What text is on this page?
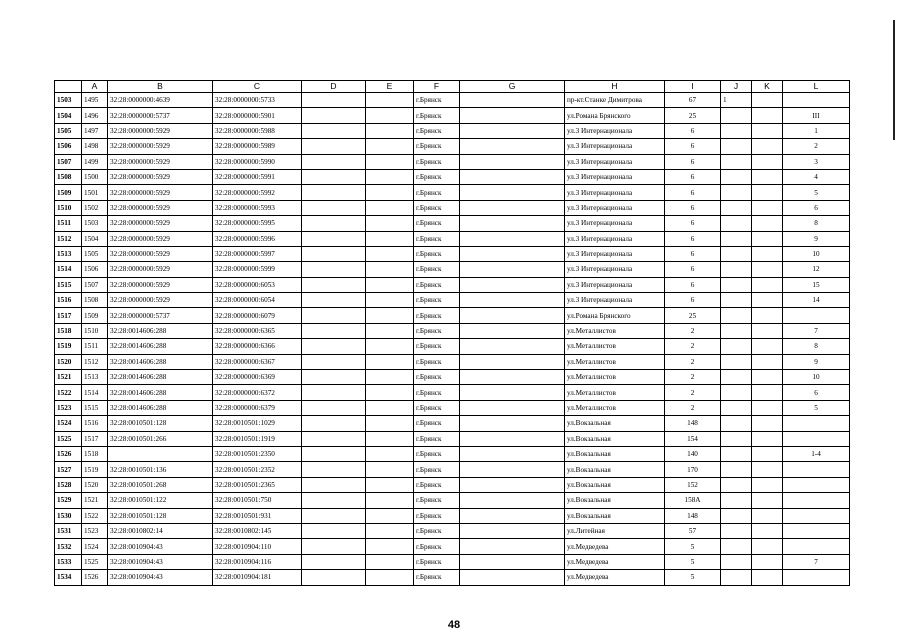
	A	B	C	D	E	F	G	H	I	J	K	L
1503	1495	32:28:0000000:4639	32:28:0000000:5733			г.Брянск		пр-кт.Станке Димитрова	67	1		
1504	1496	32:28:0000000:5737	32:28:0000000:5901			г.Брянск		ул.Романа Брянского	25			III
1505	1497	32:28:0000000:5929	32:28:0000000:5988			г.Брянск		ул.3 Интернационала	6			1
1506	1498	32:28:0000000:5929	32:28:0000000:5989			г.Брянск		ул.3 Интернационала	6			2
1507	1499	32:28:0000000:5929	32:28:0000000:5990			г.Брянск		ул.3 Интернационала	6			3
1508	1500	32:28:0000000:5929	32:28:0000000:5991			г.Брянск		ул.3 Интернационала	6			4
1509	1501	32:28:0000000:5929	32:28:0000000:5992			г.Брянск		ул.3 Интернационала	6			5
1510	1502	32:28:0000000:5929	32:28:0000000:5993			г.Брянск		ул.3 Интернационала	6			6
1511	1503	32:28:0000000:5929	32:28:0000000:5995			г.Брянск		ул.3 Интернационала	6			8
1512	1504	32:28:0000000:5929	32:28:0000000:5996			г.Брянск		ул.3 Интернационала	6			9
1513	1505	32:28:0000000:5929	32:28:0000000:5997			г.Брянск		ул.3 Интернационала	6			10
1514	1506	32:28:0000000:5929	32:28:0000000:5999			г.Брянск		ул.3 Интернационала	6			12
1515	1507	32:28:0000000:5929	32:28:0000000:6053			г.Брянск		ул.3 Интернационала	6			15
1516	1508	32:28:0000000:5929	32:28:0000000:6054			г.Брянск		ул.3 Интернационала	6			14
1517	1509	32:28:0000000:5737	32:28:0000000:6079			г.Брянск		ул.Романа Брянского	25			
1518	1510	32:28:0014606:288	32:28:0000000:6365			г.Брянск		ул.Металлистов	2			7
1519	1511	32:28:0014606:288	32:28:0000000:6366			г.Брянск		ул.Металлистов	2			8
1520	1512	32:28:0014606:288	32:28:0000000:6367			г.Брянск		ул.Металлистов	2			9
1521	1513	32:28:0014606:288	32:28:0000000:6369			г.Брянск		ул.Металлистов	2			10
1522	1514	32:28:0014606:288	32:28:0000000:6372			г.Брянск		ул.Металлистов	2			6
1523	1515	32:28:0014606:288	32:28:0000000:6379			г.Брянск		ул.Металлистов	2			5
1524	1516	32:28:0010501:128	32:28:0010501:1029			г.Брянск		ул.Вокзальная	148			
1525	1517	32:28:0010501:266	32:28:0010501:1919			г.Брянск		ул.Вокзальная	154			
1526	1518		32:28:0010501:2350			г.Брянск		ул.Вокзальная	140			1-4
1527	1519	32:28:0010501:136	32:28:0010501:2352			г.Брянск		ул.Вокзальная	170			
1528	1520	32:28:0010501:268	32:28:0010501:2365			г.Брянск		ул.Вокзальная	152			
1529	1521	32:28:0010501:122	32:28:0010501:750			г.Брянск		ул.Вокзальная	158А			
1530	1522	32:28:0010501:128	32:28:0010501:931			г.Брянск		ул.Вокзальная	148			
1531	1523	32:28:0010802:14	32:28:0010802:145			г.Брянск		ул.Литейная	57			
1532	1524	32:28:0010904:43	32:28:0010904:110			г.Брянск		ул.Медведева	5			
1533	1525	32:28:0010904:43	32:28:0010904:116			г.Брянск		ул.Медведева	5			7
1534	1526	32:28:0010904:43	32:28:0010904:181			г.Брянск		ул.Медведева	5			
48
